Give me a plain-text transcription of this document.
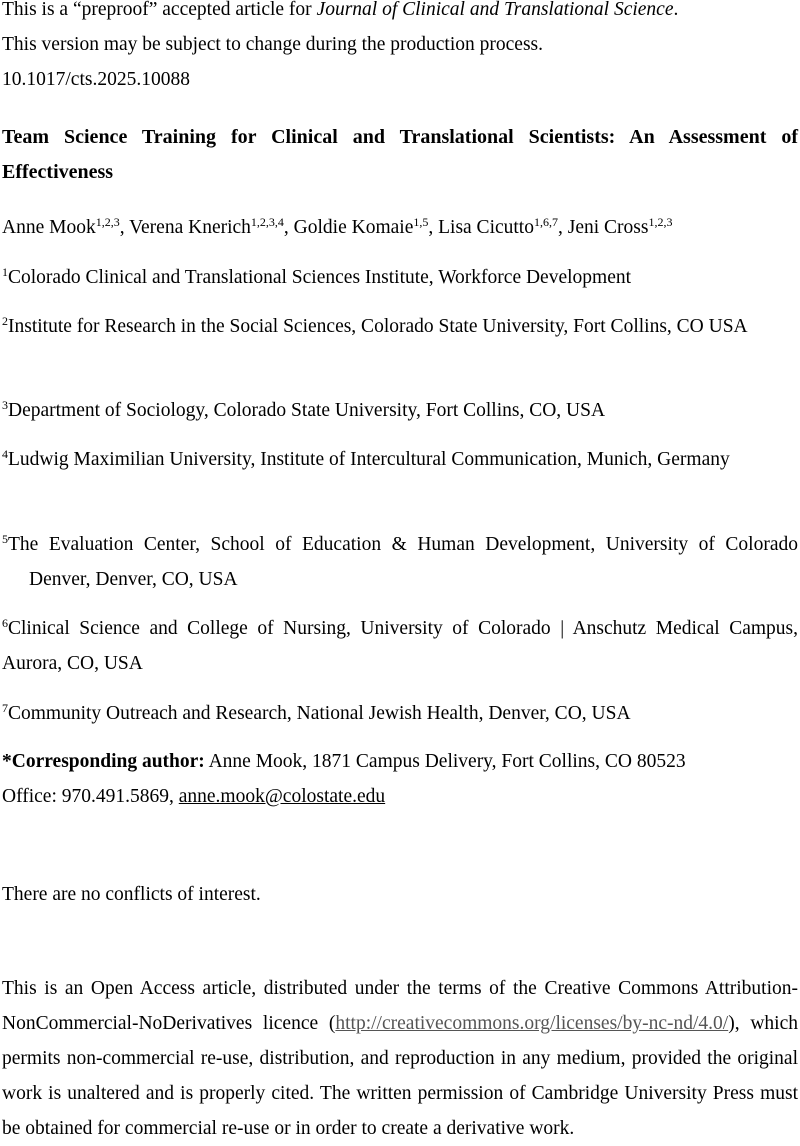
This is a “preproof” accepted article for Journal of Clinical and Translational Science.

This version may be subject to change during the production process.

10.1017/cts.2025.10088

Team Science Training for Clinical and Translational Scientists: An Assessment of Effectiveness

Anne Mook$^{1,2,3}$, Verena Knerich$^{1,2,3,4}$, Goldie Komaie$^{1,5}$, Lisa Cicutto$^{1,6,7}$, Jeni Cross$^{1,2,3}$

$^1$Colorado Clinical and Translational Sciences Institute, Workforce Development

$^2$Institute for Research in the Social Sciences, Colorado State University, Fort Collins, CO USA

$^3$Department of Sociology, Colorado State University, Fort Collins, CO, USA

$^4$Ludwig Maximilian University, Institute of Intercultural Communication, Munich, Germany

$^5$The Evaluation Center, School of Education & Human Development, University of Colorado Denver, Denver, CO, USA

$^6$Clinical Science and College of Nursing, University of Colorado | Anschutz Medical Campus, Aurora, CO, USA

$^7$Community Outreach and Research, National Jewish Health, Denver, CO, USA

*Corresponding author: Anne Mook, 1871 Campus Delivery, Fort Collins, CO 80523
Office: 970.491.5869, anne.mook@colostate.edu

There are no conflicts of interest.

This is an Open Access article, distributed under the terms of the Creative Commons Attribution-NonCommercial-NoDerivatives licence (http://creativecommons.org/licenses/by-nc-nd/4.0/), which permits non-commercial re-use, distribution, and reproduction in any medium, provided the original work is unaltered and is properly cited. The written permission of Cambridge University Press must be obtained for commercial re-use or in order to create a derivative work.
